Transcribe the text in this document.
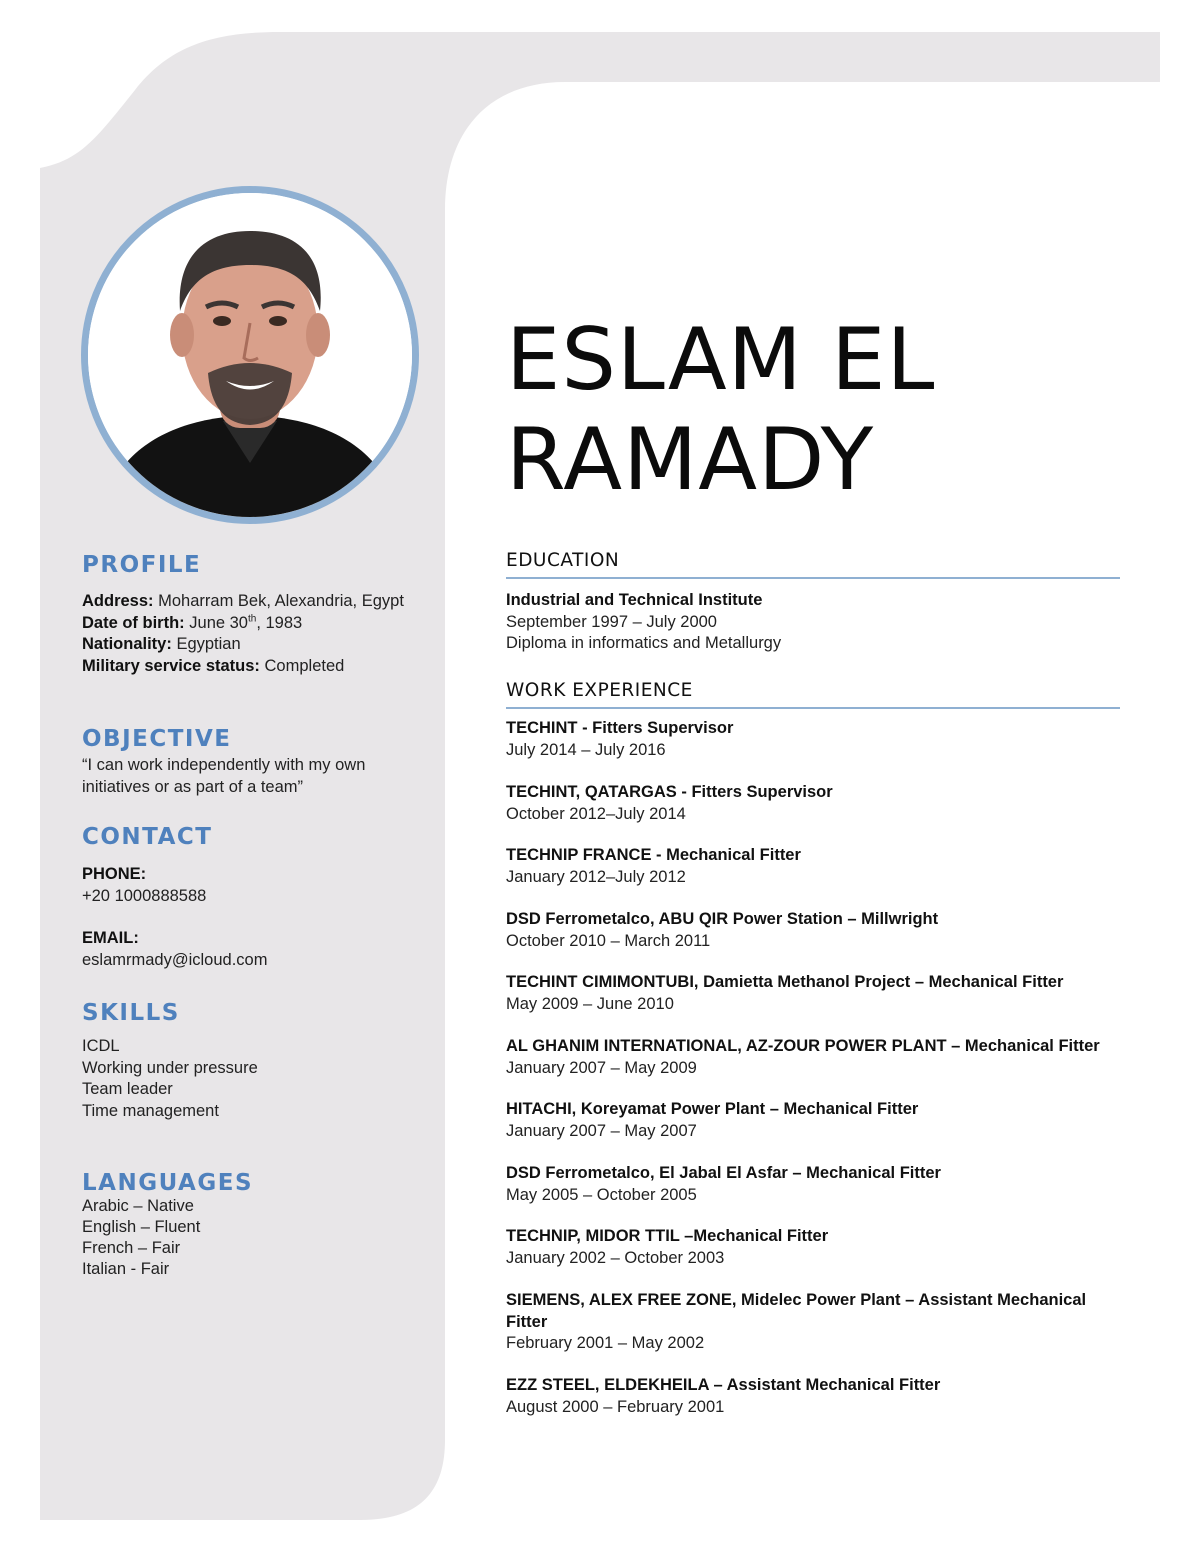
PROFILE
Address: Moharram Bek, Alexandria, Egypt
Date of birth: June 30th, 1983
Nationality: Egyptian
Military service status: Completed
OBJECTIVE
“I can work independently with my own initiatives or as part of a team”
CONTACT
PHONE:
+20 1000888588
EMAIL:
eslamrmady@icloud.com
SKILLS
ICDL
Working under pressure
Team leader
Time management
LANGUAGES
Arabic – Native
English – Fluent
French – Fair
Italian - Fair
ESLAM EL
RAMADY
EDUCATION
Industrial and Technical Institute
September 1997 – July 2000
Diploma in informatics and Metallurgy
WORK EXPERIENCE
TECHINT - Fitters Supervisor
July 2014 – July 2016
TECHINT, QATARGAS - Fitters Supervisor
October 2012–July 2014
TECHNIP FRANCE - Mechanical Fitter
January 2012–July 2012
DSD Ferrometalco, ABU QIR Power Station – Millwright
October 2010 – March 2011
TECHINT CIMIMONTUBI, Damietta Methanol Project – Mechanical Fitter
May 2009 – June 2010
AL GHANIM INTERNATIONAL, AZ-ZOUR POWER PLANT – Mechanical Fitter
January 2007 – May 2009
HITACHI, Koreyamat Power Plant – Mechanical Fitter
January 2007 – May 2007
DSD Ferrometalco, El Jabal El Asfar – Mechanical Fitter
May 2005 – October 2005
TECHNIP, MIDOR TTIL –Mechanical Fitter
January 2002 – October 2003
SIEMENS, ALEX FREE ZONE, Midelec Power Plant – Assistant Mechanical Fitter
February 2001 – May 2002
EZZ STEEL, ELDEKHEILA – Assistant Mechanical Fitter
August 2000 – February 2001
